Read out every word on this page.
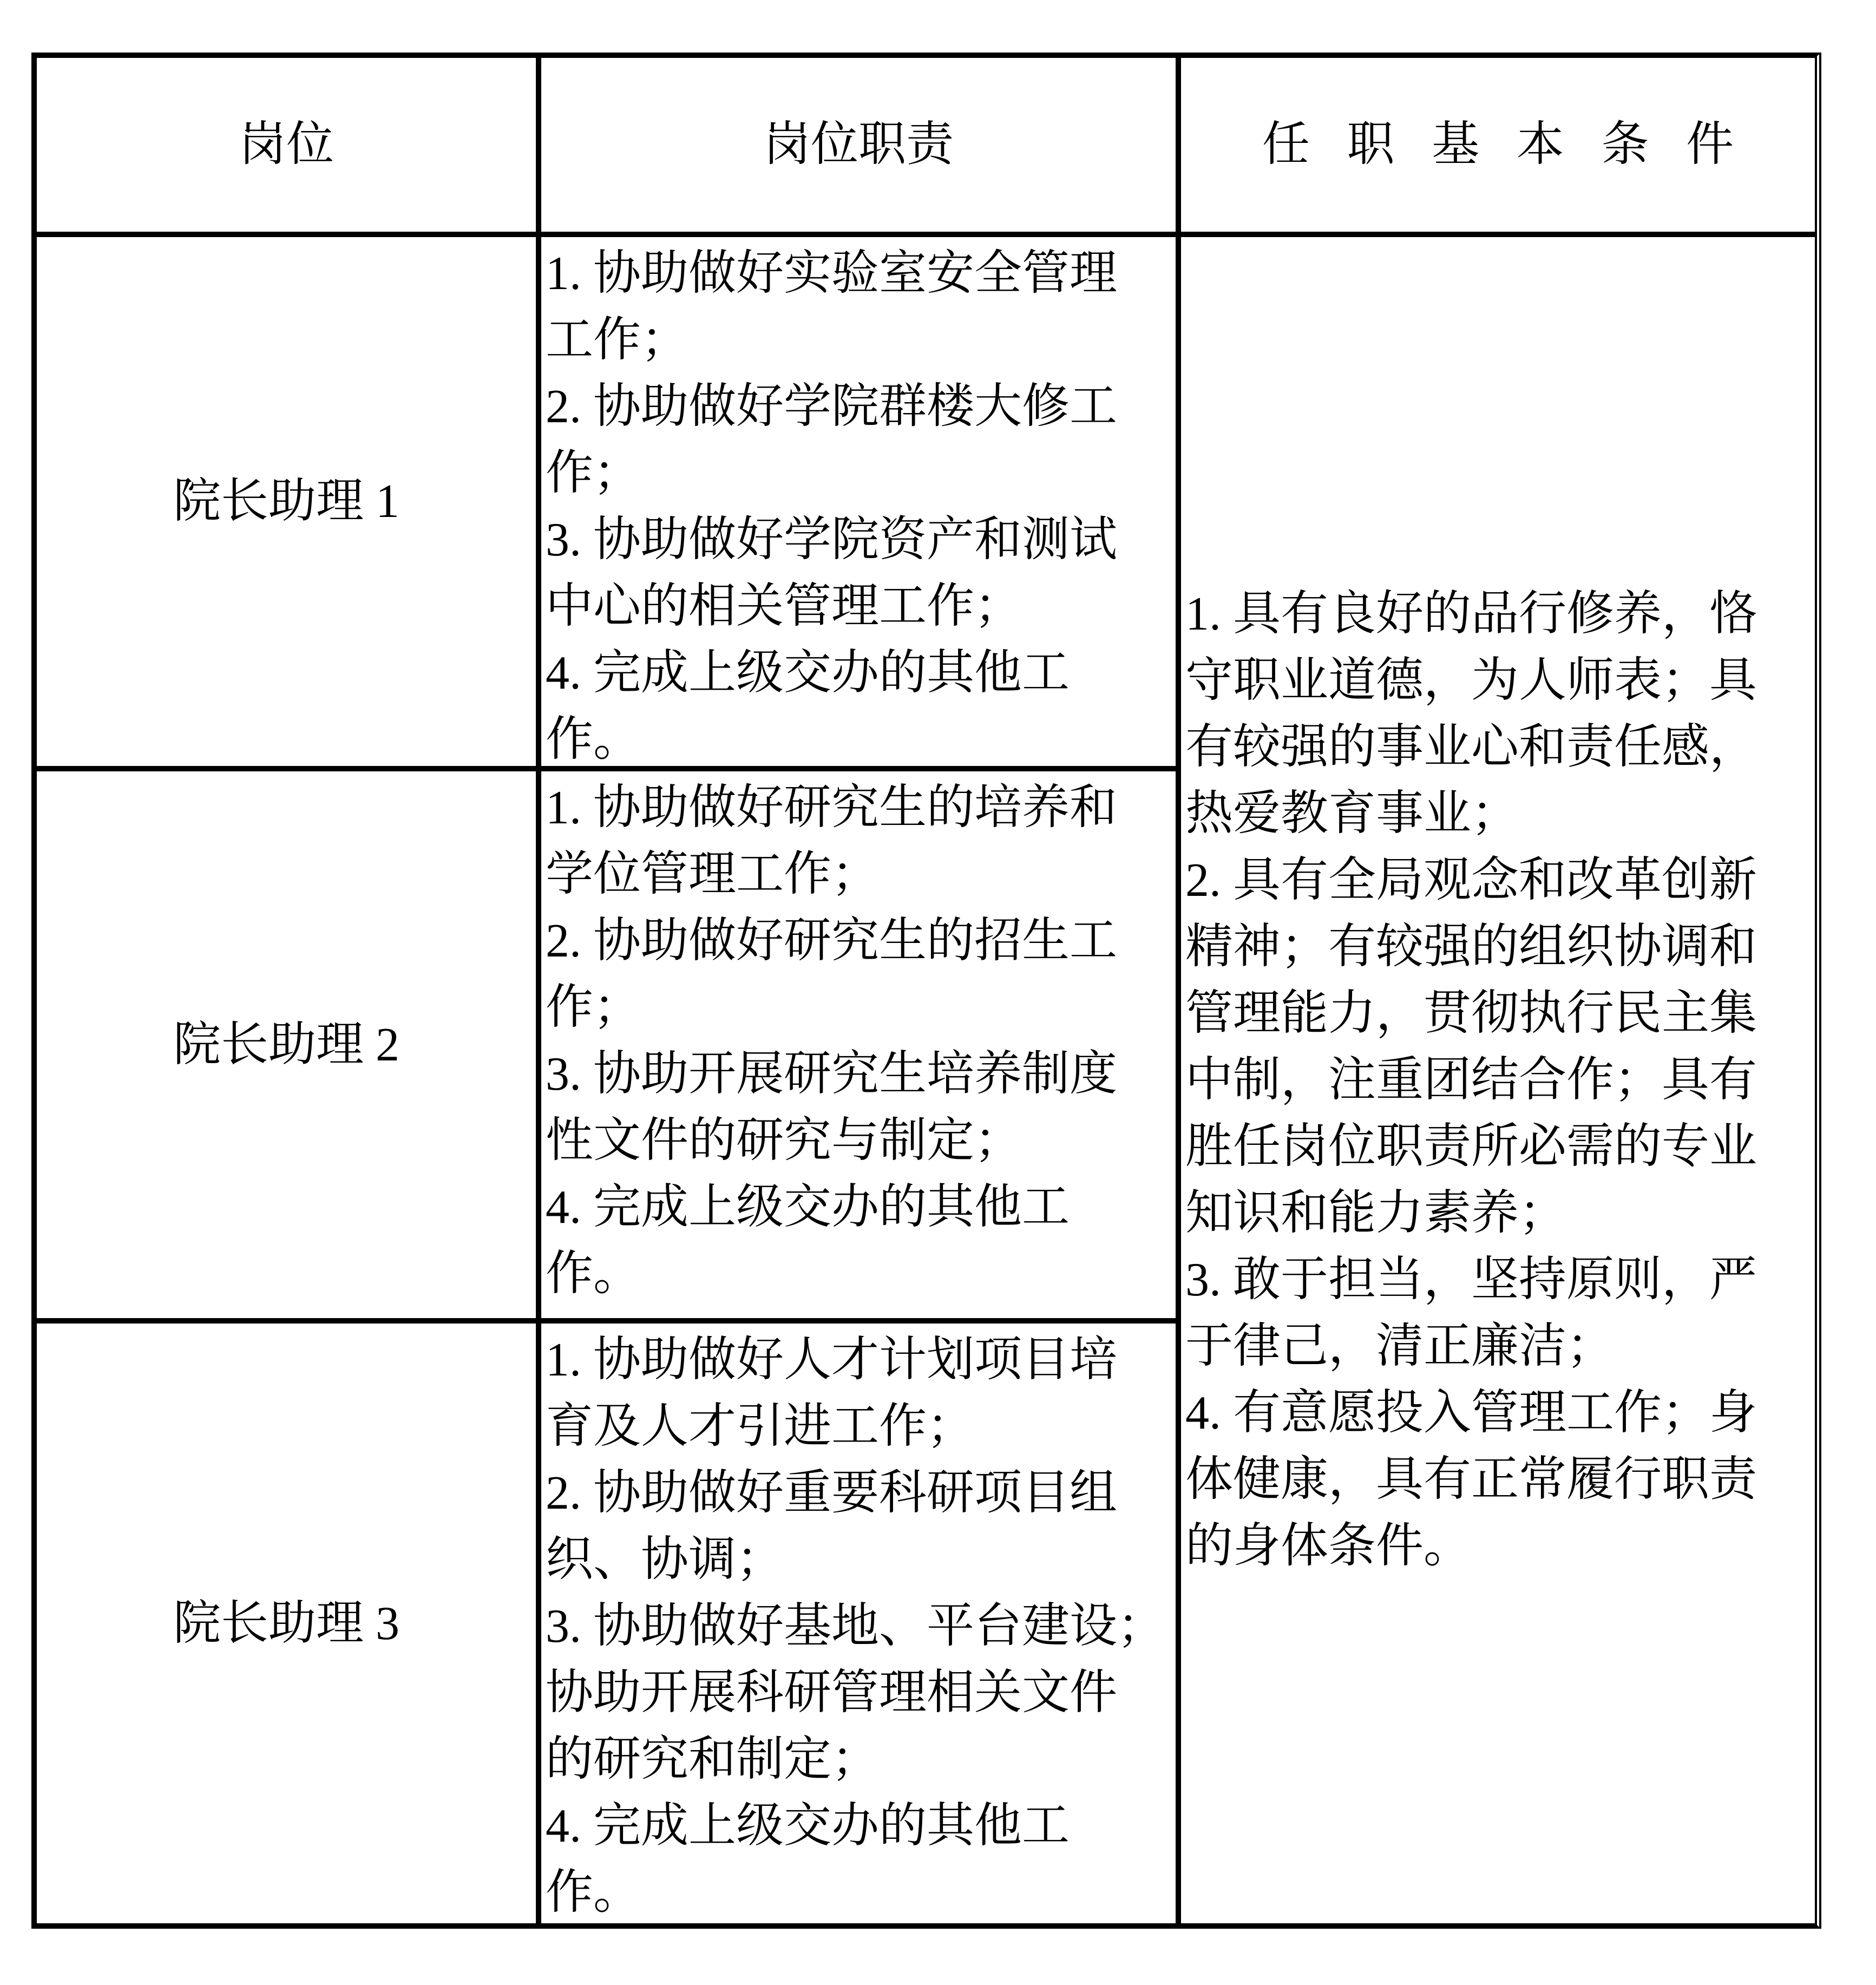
岗位	岗位职责	任职基本条件
院长助理 1
1. 协助做好实验室安全管理
工作；
2. 协助做好学院群楼大修工
作；
3. 协助做好学院资产和测试
中心的相关管理工作；
4. 完成上级交办的其他工
作。
1. 具有良好的品行修养，恪
守职业道德，为人师表；具
有较强的事业心和责任感，
热爱教育事业；
2. 具有全局观念和改革创新
精神；有较强的组织协调和
管理能力，贯彻执行民主集
中制，注重团结合作；具有
胜任岗位职责所必需的专业
知识和能力素养；
3. 敢于担当，坚持原则，严
于律己，清正廉洁；
4. 有意愿投入管理工作；身
体健康，具有正常履行职责
的身体条件。
院长助理 2
1. 协助做好研究生的培养和
学位管理工作；
2. 协助做好研究生的招生工
作；
3. 协助开展研究生培养制度
性文件的研究与制定；
4. 完成上级交办的其他工
作。
院长助理 3
1. 协助做好人才计划项目培
育及人才引进工作；
2. 协助做好重要科研项目组
织、协调；
3. 协助做好基地、平台建设；
协助开展科研管理相关文件
的研究和制定；
4. 完成上级交办的其他工
作。
